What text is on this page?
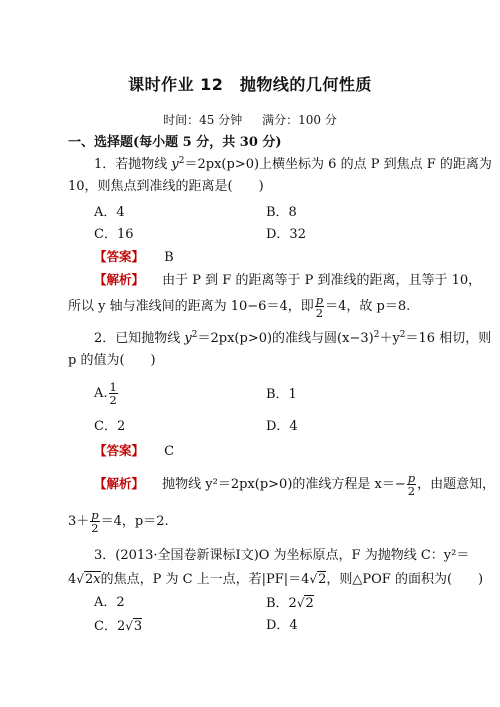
课时作业 12　抛物线的几何性质
时间：45 分钟 满分：100 分
一、选择题(每小题 5 分，共 30 分)
1．若抛物线 $y^2=2px(p>0)$上横坐标为 6 的点 P 到焦点 F 的距离为
10，则焦点到准线的距离是(　　)
A．4	B．8
C．16	D．32
【答案】 B
【解析】 由于 P 到 F 的距离等于 P 到准线的距离，且等于 10，
所以 y 轴与准线间的距离为 10−6＝4，即 $\frac{p}{2} =4$，故 p＝8.
2．已知抛物线 $y^2=2px(p>0)$的准线与圆$(x-3)^2+y^2=16$ 相切，则
p 的值为(　　)
A. $\frac{1}{2}$	B．1
C．2	D．4
【答案】 C
【解析】 抛物线 y²＝2px(p>0)的准线方程是 $x=- \frac{p}{2}$ ，由题意知，
$3+ \frac{p}{2} =4$，p＝2.
3．(2013·全国卷新课标Ⅰ文)O 为坐标原点，F 为抛物线 C：y²＝
4√2x的焦点，P 为 C 上一点，若|PF|＝4√2，则△POF 的面积为(　　)
A．2	B．2√2
C．2√3	D．4
